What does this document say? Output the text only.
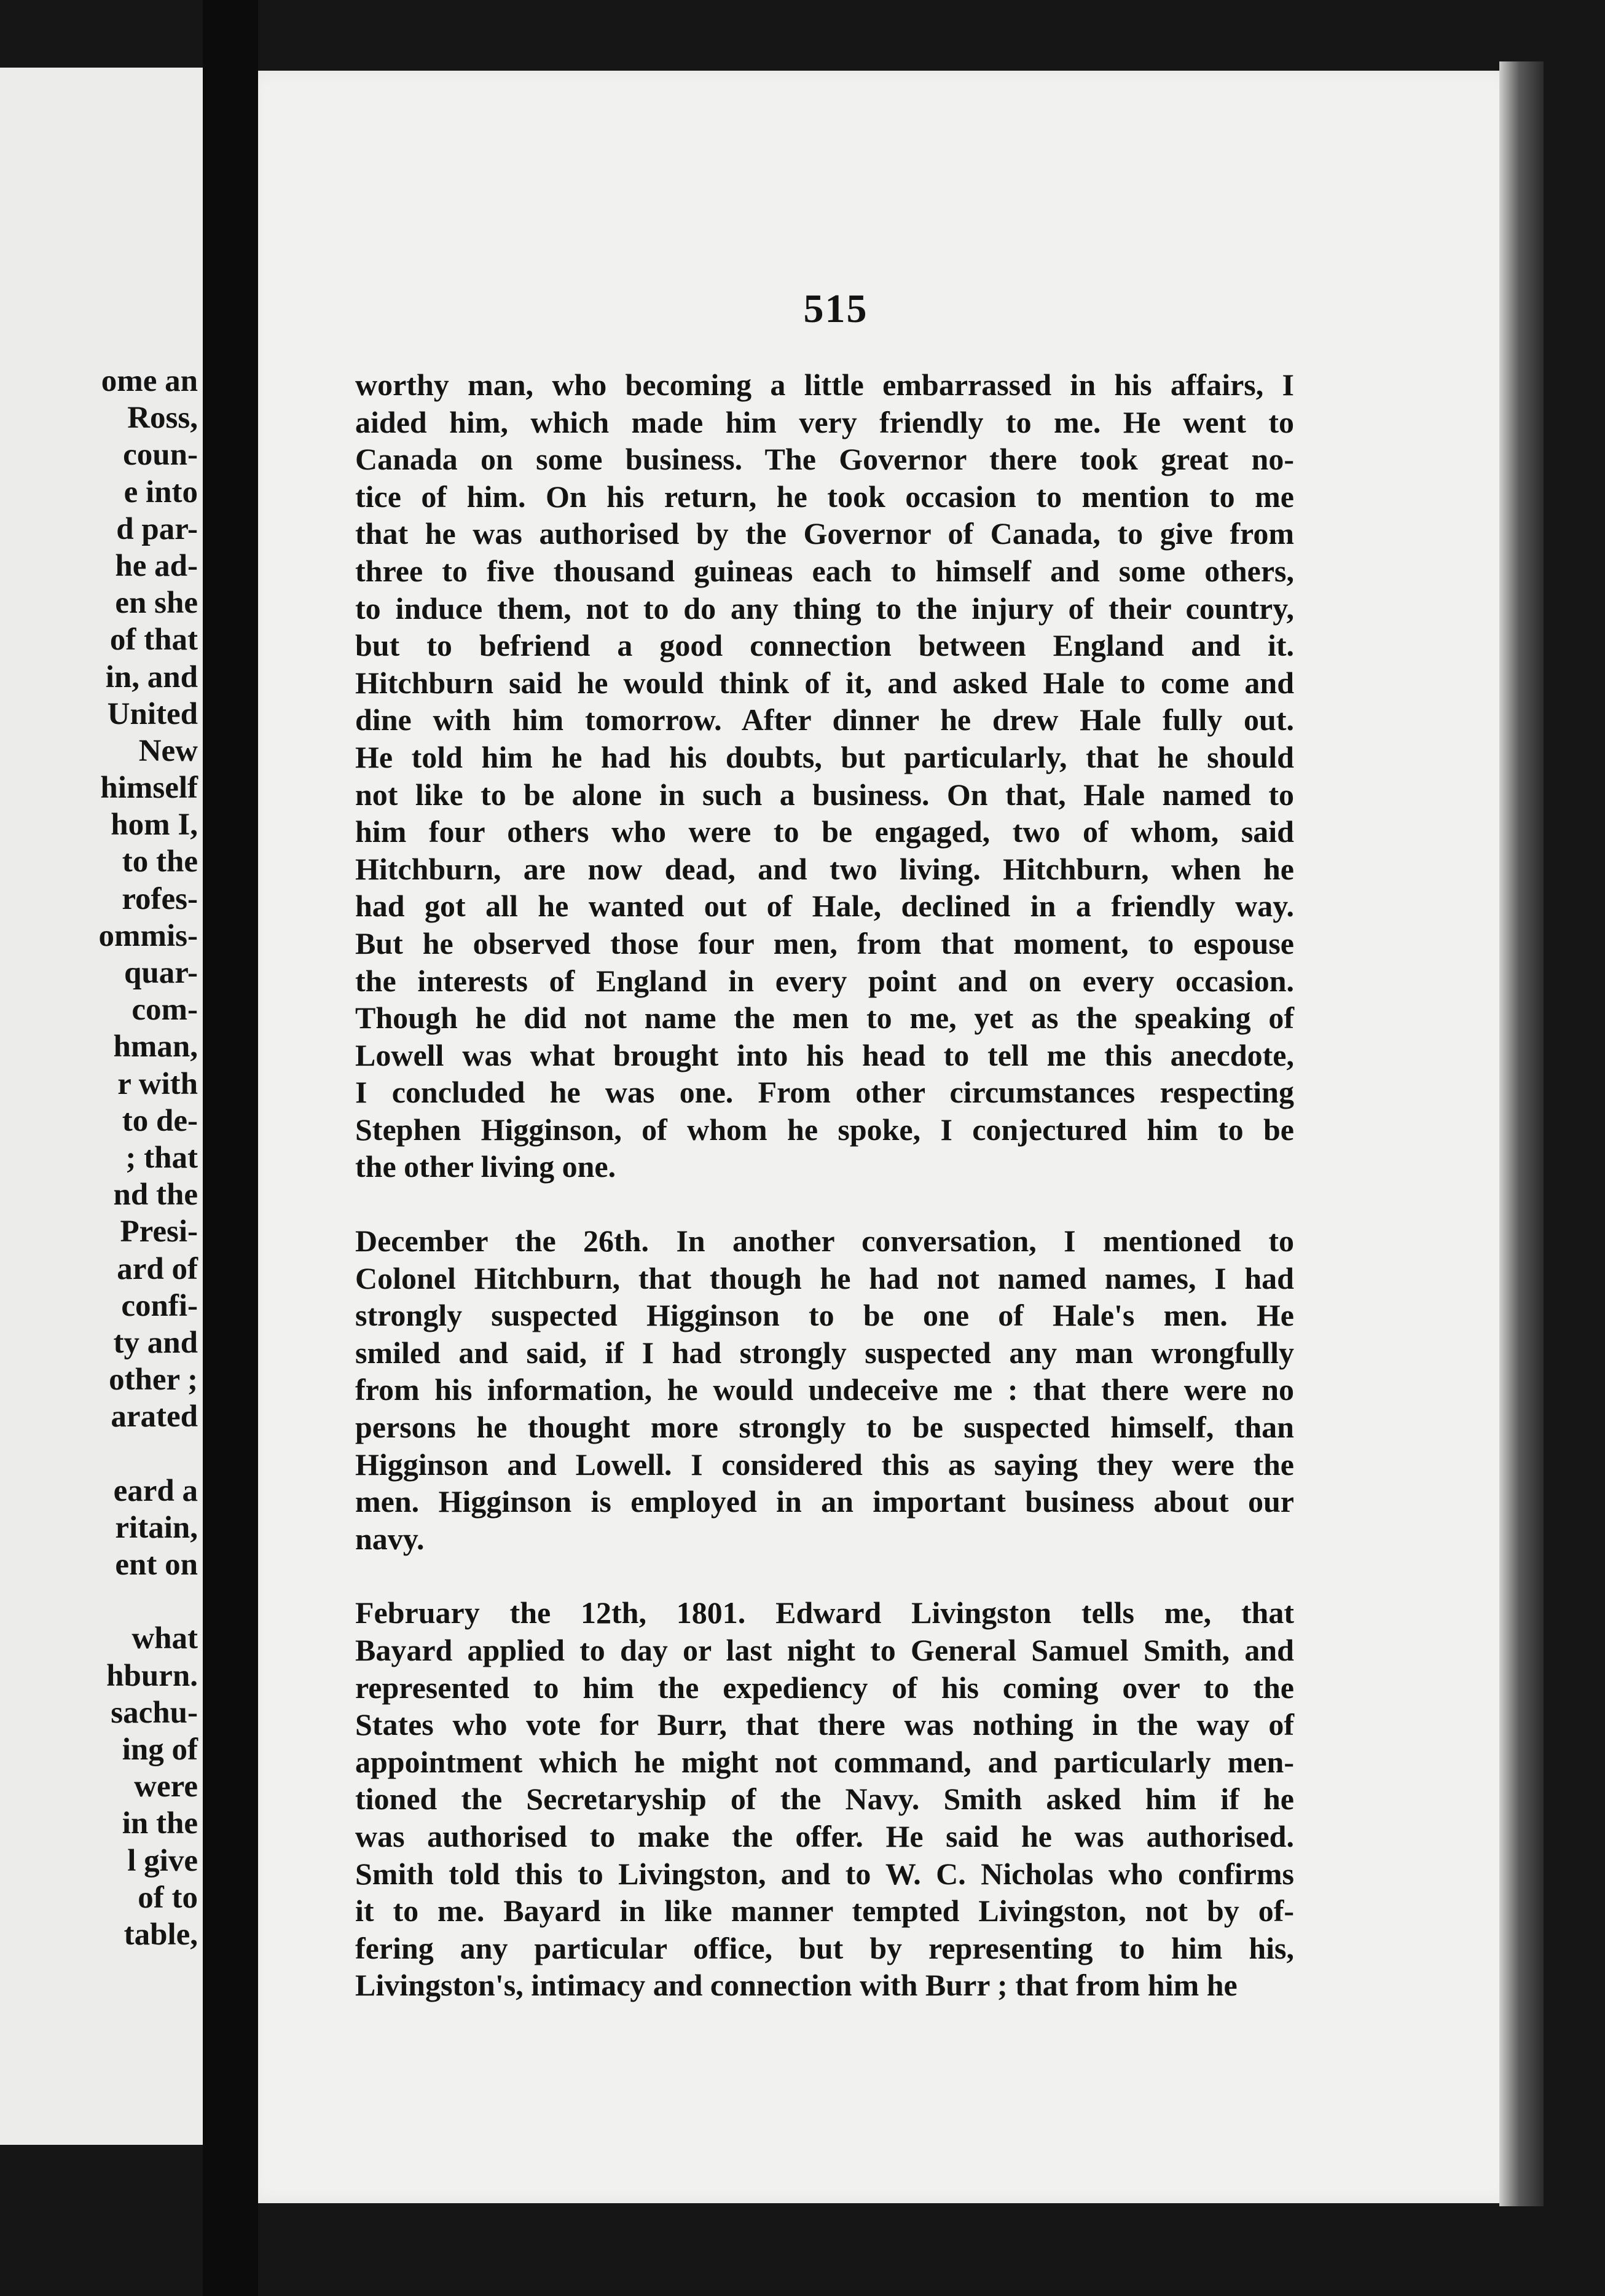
ome an
Ross,
coun-
e into
d par-
he ad-
en she
of that
in, and
United
New
himself
hom I,
to the
rofes-
ommis-
quar-
com-
hman,
r with
to de-
; that
nd the
Presi-
ard of
confi-
ty and
other ;
arated
eard a
ritain,
ent on
what
hburn.
sachu-
ing of
were
in the
l give
of to
table,
515
worthy man, who becoming a little embarrassed in his affairs, I
aided him, which made him very friendly to me. He went to
Canada on some business. The Governor there took great no-
tice of him. On his return, he took occasion to mention to me
that he was authorised by the Governor of Canada, to give from
three to five thousand guineas each to himself and some others,
to induce them, not to do any thing to the injury of their country,
but to befriend a good connection between England and it.
Hitchburn said he would think of it, and asked Hale to come and
dine with him tomorrow. After dinner he drew Hale fully out.
He told him he had his doubts, but particularly, that he should
not like to be alone in such a business. On that, Hale named to
him four others who were to be engaged, two of whom, said
Hitchburn, are now dead, and two living. Hitchburn, when he
had got all he wanted out of Hale, declined in a friendly way.
But he observed those four men, from that moment, to espouse
the interests of England in every point and on every occasion.
Though he did not name the men to me, yet as the speaking of
Lowell was what brought into his head to tell me this anecdote,
I concluded he was one. From other circumstances respecting
Stephen Higginson, of whom he spoke, I conjectured him to be
the other living one.
December the 26th. In another conversation, I mentioned to
Colonel Hitchburn, that though he had not named names, I had
strongly suspected Higginson to be one of Hale's men. He
smiled and said, if I had strongly suspected any man wrongfully
from his information, he would undeceive me : that there were no
persons he thought more strongly to be suspected himself, than
Higginson and Lowell. I considered this as saying they were the
men. Higginson is employed in an important business about our
navy.
February the 12th, 1801. Edward Livingston tells me, that
Bayard applied to day or last night to General Samuel Smith, and
represented to him the expediency of his coming over to the
States who vote for Burr, that there was nothing in the way of
appointment which he might not command, and particularly men-
tioned the Secretaryship of the Navy. Smith asked him if he
was authorised to make the offer. He said he was authorised.
Smith told this to Livingston, and to W. C. Nicholas who confirms
it to me. Bayard in like manner tempted Livingston, not by of-
fering any particular office, but by representing to him his,
Livingston's, intimacy and connection with Burr ; that from him he
